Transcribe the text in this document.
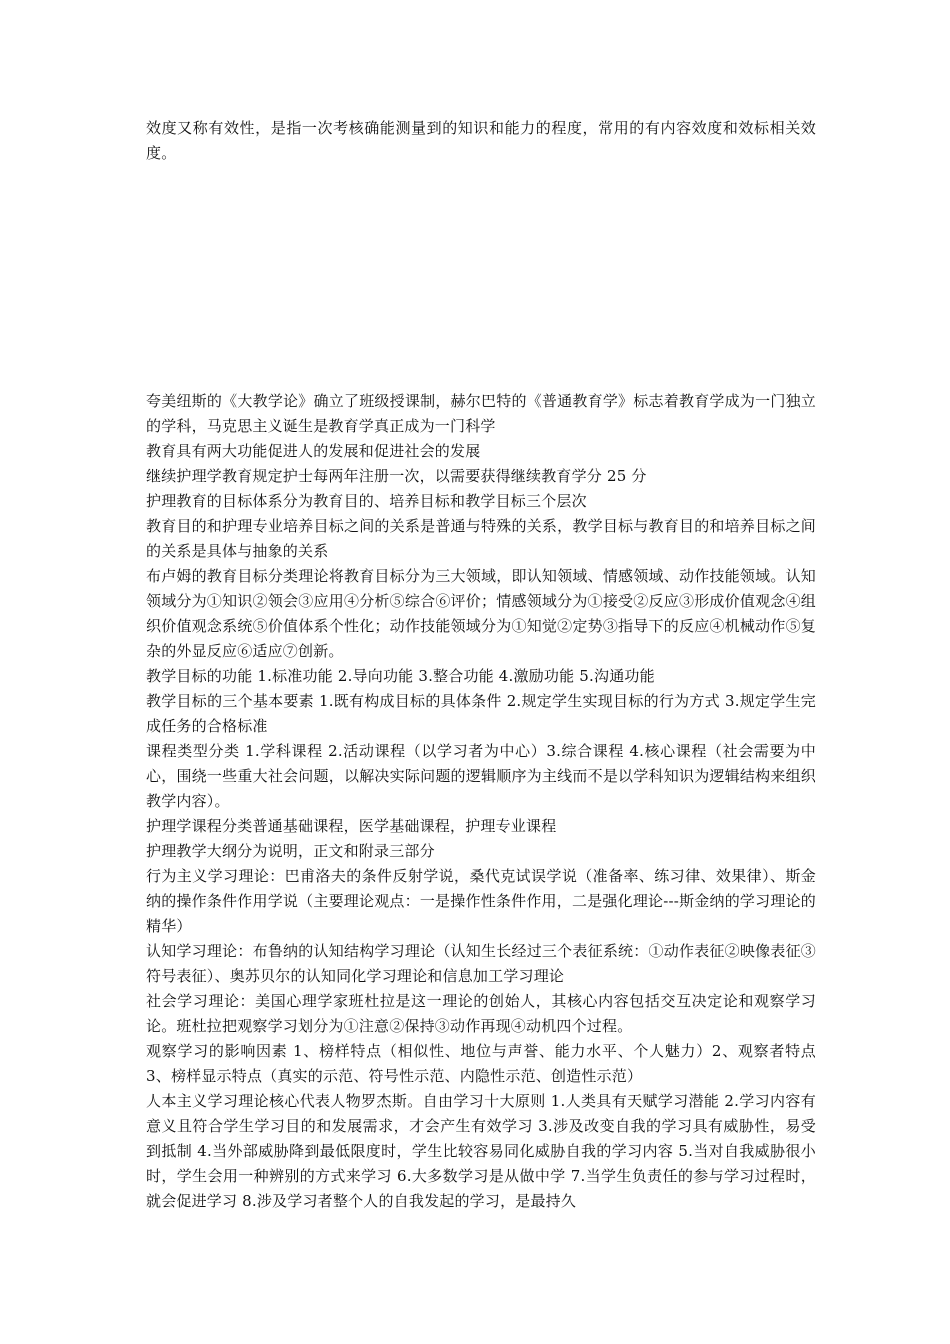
效度又称有效性，是指一次考核确能测量到的知识和能力的程度，常用的有内容效度和效标相关效度。

夸美纽斯的《大教学论》确立了班级授课制，赫尔巴特的《普通教育学》标志着教育学成为一门独立的学科，马克思主义诞生是教育学真正成为一门科学

教育具有两大功能促进人的发展和促进社会的发展

继续护理学教育规定护士每两年注册一次，以需要获得继续教育学分 25 分

护理教育的目标体系分为教育目的、培养目标和教学目标三个层次

教育目的和护理专业培养目标之间的关系是普通与特殊的关系，教学目标与教育目的和培养目标之间的关系是具体与抽象的关系

布卢姆的教育目标分类理论将教育目标分为三大领域，即认知领域、情感领域、动作技能领域。认知领域分为①知识②领会③应用④分析⑤综合⑥评价；情感领域分为①接受②反应③形成价值观念④组织价值观念系统⑤价值体系个性化；动作技能领域分为①知觉②定势③指导下的反应④机械动作⑤复杂的外显反应⑥适应⑦创新。

教学目标的功能 1.标准功能 2.导向功能 3.整合功能 4.激励功能 5.沟通功能

教学目标的三个基本要素 1.既有构成目标的具体条件 2.规定学生实现目标的行为方式 3.规定学生完成任务的合格标准

课程类型分类 1.学科课程 2.活动课程（以学习者为中心）3.综合课程 4.核心课程（社会需要为中心，围绕一些重大社会问题，以解决实际问题的逻辑顺序为主线而不是以学科知识为逻辑结构来组织教学内容）。

护理学课程分类普通基础课程，医学基础课程，护理专业课程

护理教学大纲分为说明，正文和附录三部分

行为主义学习理论：巴甫洛夫的条件反射学说，桑代克试误学说（准备率、练习律、效果律）、斯金纳的操作条件作用学说（主要理论观点：一是操作性条件作用，二是强化理论---斯金纳的学习理论的精华）

认知学习理论：布鲁纳的认知结构学习理论（认知生长经过三个表征系统：①动作表征②映像表征③符号表征）、奥苏贝尔的认知同化学习理论和信息加工学习理论

社会学习理论：美国心理学家班杜拉是这一理论的创始人，其核心内容包括交互决定论和观察学习论。班杜拉把观察学习划分为①注意②保持③动作再现④动机四个过程。

观察学习的影响因素 1、榜样特点（相似性、地位与声誉、能力水平、个人魅力）2、观察者特点 3、榜样显示特点（真实的示范、符号性示范、内隐性示范、创造性示范）

人本主义学习理论核心代表人物罗杰斯。自由学习十大原则 1.人类具有天赋学习潜能 2.学习内容有意义且符合学生学习目的和发展需求，才会产生有效学习 3.涉及改变自我的学习具有威胁性，易受到抵制 4.当外部威胁降到最低限度时，学生比较容易同化威胁自我的学习内容 5.当对自我威胁很小时，学生会用一种辨别的方式来学习 6.大多数学习是从做中学 7.当学生负责任的参与学习过程时，就会促进学习 8.涉及学习者整个人的自我发起的学习，是最持久
